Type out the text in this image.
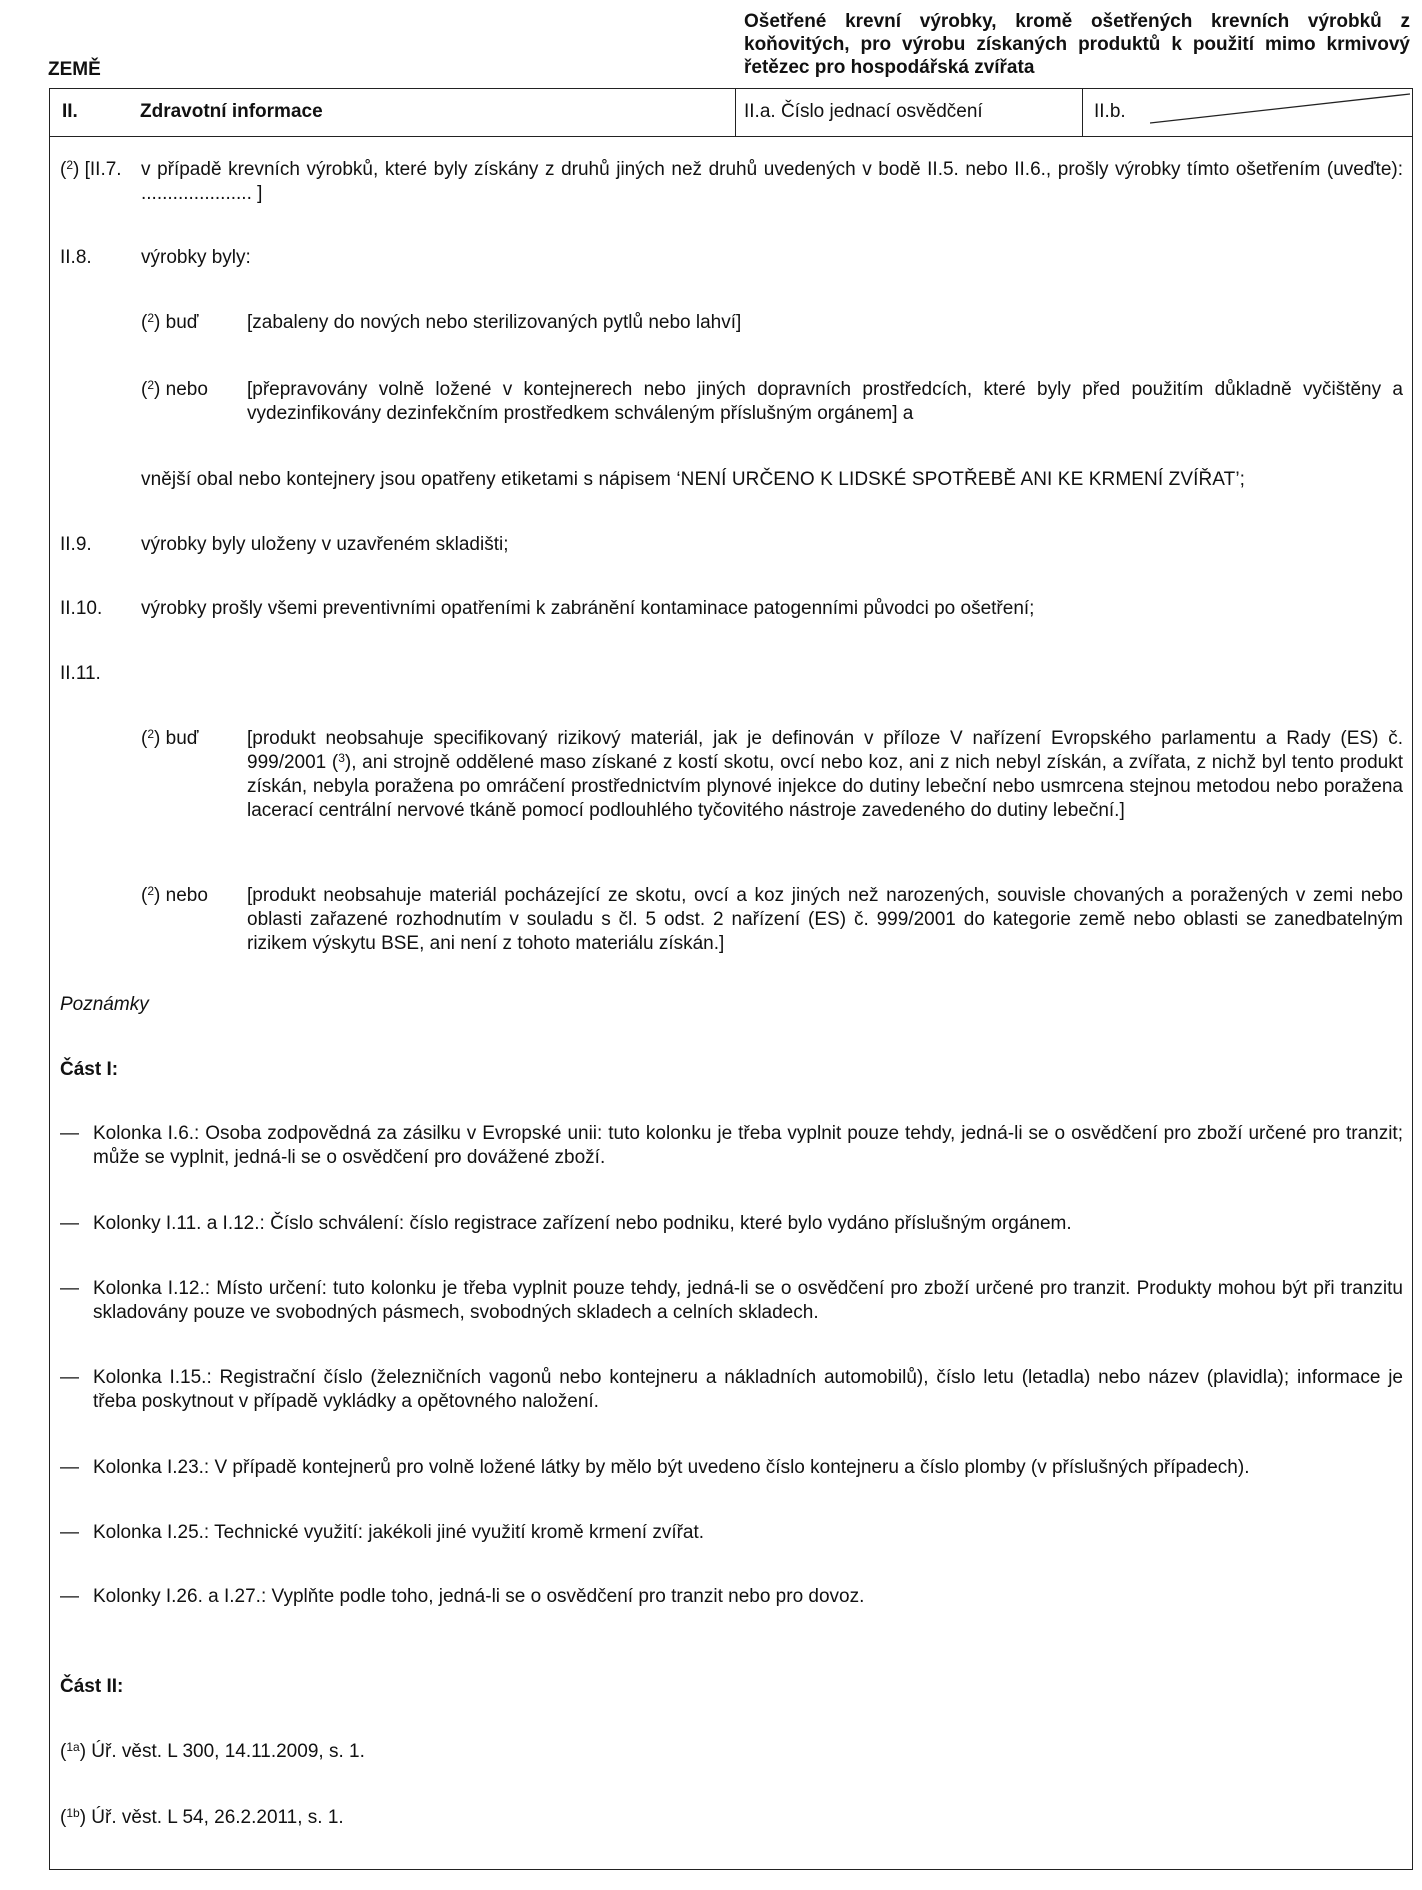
ZEMĚ
Ošetřené krevní výrobky, kromě ošetřených krevních výrobků z koňovitých, pro výrobu získaných produktů k použití mimo krmivový řetězec pro hospodářská zvířata
II.	Zdravotní informace	II.a. Číslo jednací osvědčení	II.b.
($^2$) [II.7. v případě krevních výrobků, které byly získány z druhů jiných než druhů uvedených v bodě II.5. nebo II.6., prošly výrobky tímto ošetřením (uveďte): ..................... ]
II.8.	výrobky byly:
($^2$) buď	[zabaleny do nových nebo sterilizovaných pytlů nebo lahví]
($^2$) nebo [přepravovány volně ložené v kontejnerech nebo jiných dopravních prostředcích, které byly před použitím důkladně vyčištěny a vydezinfikovány dezinfekčním prostředkem schváleným příslušným orgánem] a
vnější obal nebo kontejnery jsou opatřeny etiketami s nápisem ‘NENÍ URČENO K LIDSKÉ SPOTŘEBĚ ANI KE KRMENÍ ZVÍŘAT’;
II.9.	výrobky byly uloženy v uzavřeném skladišti;
II.10. výrobky prošly všemi preventivními opatřeními k zabránění kontaminace patogenními původci po ošetření;
II.11.
($^2$) buď	[produkt neobsahuje specifikovaný rizikový materiál, jak je definován v příloze V nařízení Evropského parlamentu a Rady (ES) č. 999/2001 ($^3$), ani strojně oddělené maso získané z kostí skotu, ovcí nebo koz, ani z nich nebyl získán, a zvířata, z nichž byl tento produkt získán, nebyla poražena po omráčení prostřednictvím plynové injekce do dutiny lebeční nebo usmrcena stejnou metodou nebo poražena lacerací centrální nervové tkáně pomocí podlouhlého tyčovitého nástroje zavedeného do dutiny lebeční.]
($^2$) nebo [produkt neobsahuje materiál pocházející ze skotu, ovcí a koz jiných než narozených, souvisle chovaných a poražených v zemi nebo oblasti zařazené rozhodnutím v souladu s čl. 5 odst. 2 nařízení (ES) č. 999/2001 do kategorie země nebo oblasti se zanedbatelným rizikem výskytu BSE, ani není z tohoto materiálu získán.]
Poznámky
Část I:
— Kolonka I.6.: Osoba zodpovědná za zásilku v Evropské unii: tuto kolonku je třeba vyplnit pouze tehdy, jedná-li se o osvědčení pro zboží určené pro tranzit; může se vyplnit, jedná-li se o osvědčení pro dovážené zboží.
— Kolonky I.11. a I.12.: Číslo schválení: číslo registrace zařízení nebo podniku, které bylo vydáno příslušným orgánem.
— Kolonka I.12.: Místo určení: tuto kolonku je třeba vyplnit pouze tehdy, jedná-li se o osvědčení pro zboží určené pro tranzit. Produkty mohou být při tranzitu skladovány pouze ve svobodných pásmech, svobodných skladech a celních skladech.
— Kolonka I.15.: Registrační číslo (železničních vagonů nebo kontejneru a nákladních automobilů), číslo letu (letadla) nebo název (plavidla); informace je třeba poskytnout v případě vykládky a opětovného naložení.
— Kolonka I.23.: V případě kontejnerů pro volně ložené látky by mělo být uvedeno číslo kontejneru a číslo plomby (v příslušných případech).
— Kolonka I.25.: Technické využití: jakékoli jiné využití kromě krmení zvířat.
— Kolonky I.26. a I.27.: Vyplňte podle toho, jedná-li se o osvědčení pro tranzit nebo pro dovoz.
Část II:
($^{1a}$) Úř. věst. L 300, 14.11.2009, s. 1.
($^{1b}$) Úř. věst. L 54, 26.2.2011, s. 1.
